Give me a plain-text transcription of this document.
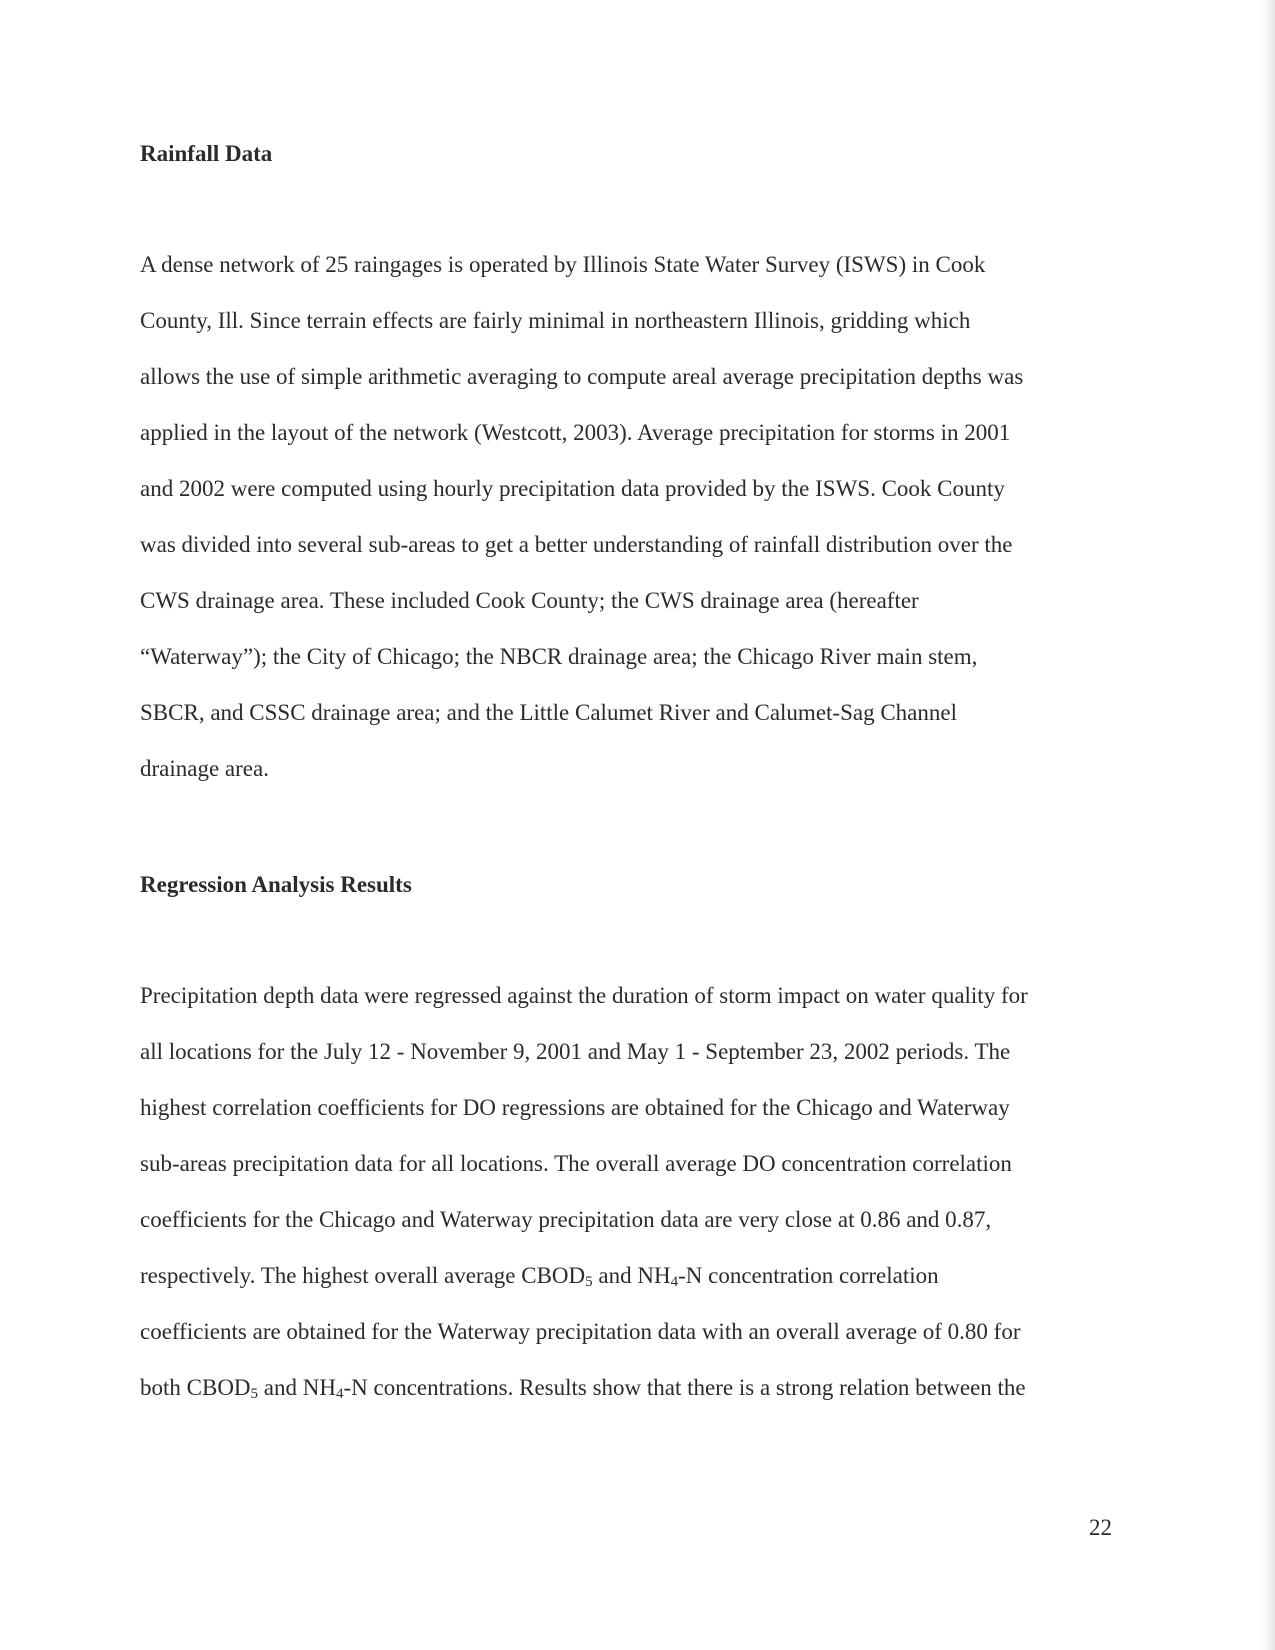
Rainfall Data

A dense network of 25 raingages is operated by Illinois State Water Survey (ISWS) in Cook

County, Ill. Since terrain effects are fairly minimal in northeastern Illinois, gridding which

allows the use of simple arithmetic averaging to compute areal average precipitation depths was

applied in the layout of the network (Westcott, 2003). Average precipitation for storms in 2001

and 2002 were computed using hourly precipitation data provided by the ISWS. Cook County

was divided into several sub-areas to get a better understanding of rainfall distribution over the

CWS drainage area. These included Cook County; the CWS drainage area (hereafter

“Waterway”); the City of Chicago; the NBCR drainage area; the Chicago River main stem,

SBCR, and CSSC drainage area; and the Little Calumet River and Calumet-Sag Channel

drainage area.

Regression Analysis Results

Precipitation depth data were regressed against the duration of storm impact on water quality for

all locations for the July 12 - November 9, 2001 and May 1 - September 23, 2002 periods. The

highest correlation coefficients for DO regressions are obtained for the Chicago and Waterway

sub-areas precipitation data for all locations. The overall average DO concentration correlation

coefficients for the Chicago and Waterway precipitation data are very close at 0.86 and 0.87,

respectively. The highest overall average $CBOD_5$ and $NH_4-N$ concentration correlation

coefficients are obtained for the Waterway precipitation data with an overall average of 0.80 for

both $CBOD_5$ and $NH_4-N$ concentrations. Results show that there is a strong relation between the

22
